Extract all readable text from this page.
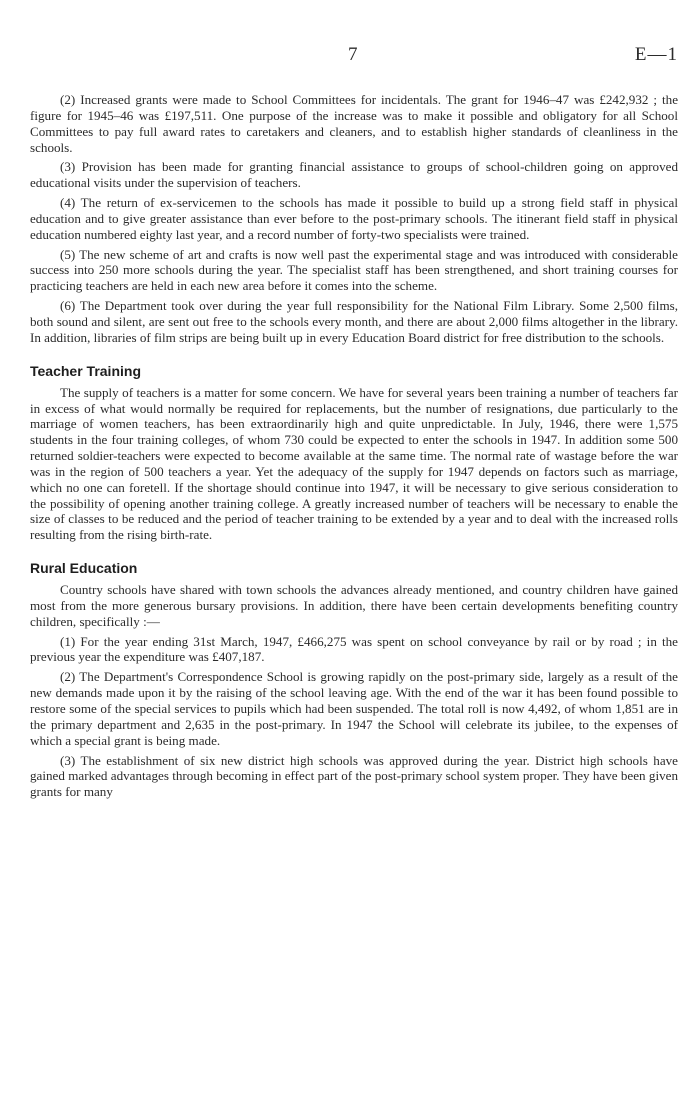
7	E—1

(2) Increased grants were made to School Committees for incidentals. The grant for 1946–47 was £242,932 ; the figure for 1945–46 was £197,511. One purpose of the increase was to make it possible and obligatory for all School Committees to pay full award rates to caretakers and cleaners, and to establish higher standards of cleanliness in the schools.

(3) Provision has been made for granting financial assistance to groups of school-children going on approved educational visits under the supervision of teachers.

(4) The return of ex-servicemen to the schools has made it possible to build up a strong field staff in physical education and to give greater assistance than ever before to the post-primary schools. The itinerant field staff in physical education numbered eighty last year, and a record number of forty-two specialists were trained.

(5) The new scheme of art and crafts is now well past the experimental stage and was introduced with considerable success into 250 more schools during the year. The specialist staff has been strengthened, and short training courses for practicing teachers are held in each new area before it comes into the scheme.

(6) The Department took over during the year full responsibility for the National Film Library. Some 2,500 films, both sound and silent, are sent out free to the schools every month, and there are about 2,000 films altogether in the library. In addition, libraries of film strips are being built up in every Education Board district for free distribution to the schools.

Teacher Training

The supply of teachers is a matter for some concern. We have for several years been training a number of teachers far in excess of what would normally be required for replacements, but the number of resignations, due particularly to the marriage of women teachers, has been extraordinarily high and quite unpredictable. In July, 1946, there were 1,575 students in the four training colleges, of whom 730 could be expected to enter the schools in 1947. In addition some 500 returned soldier-teachers were expected to become available at the same time. The normal rate of wastage before the war was in the region of 500 teachers a year. Yet the adequacy of the supply for 1947 depends on factors such as marriage, which no one can foretell. If the shortage should continue into 1947, it will be necessary to give serious consideration to the possibility of opening another training college. A greatly increased number of teachers will be necessary to enable the size of classes to be reduced and the period of teacher training to be extended by a year and to deal with the increased rolls resulting from the rising birth-rate.

Rural Education

Country schools have shared with town schools the advances already mentioned, and country children have gained most from the more generous bursary provisions. In addition, there have been certain developments benefiting country children, specifically :—

(1) For the year ending 31st March, 1947, £466,275 was spent on school conveyance by rail or by road ; in the previous year the expenditure was £407,187.

(2) The Department's Correspondence School is growing rapidly on the post-primary side, largely as a result of the new demands made upon it by the raising of the school leaving age. With the end of the war it has been found possible to restore some of the special services to pupils which had been suspended. The total roll is now 4,492, of whom 1,851 are in the primary department and 2,635 in the post-primary. In 1947 the School will celebrate its jubilee, to the expenses of which a special grant is being made.

(3) The establishment of six new district high schools was approved during the year. District high schools have gained marked advantages through becoming in effect part of the post-primary school system proper. They have been given grants for many
